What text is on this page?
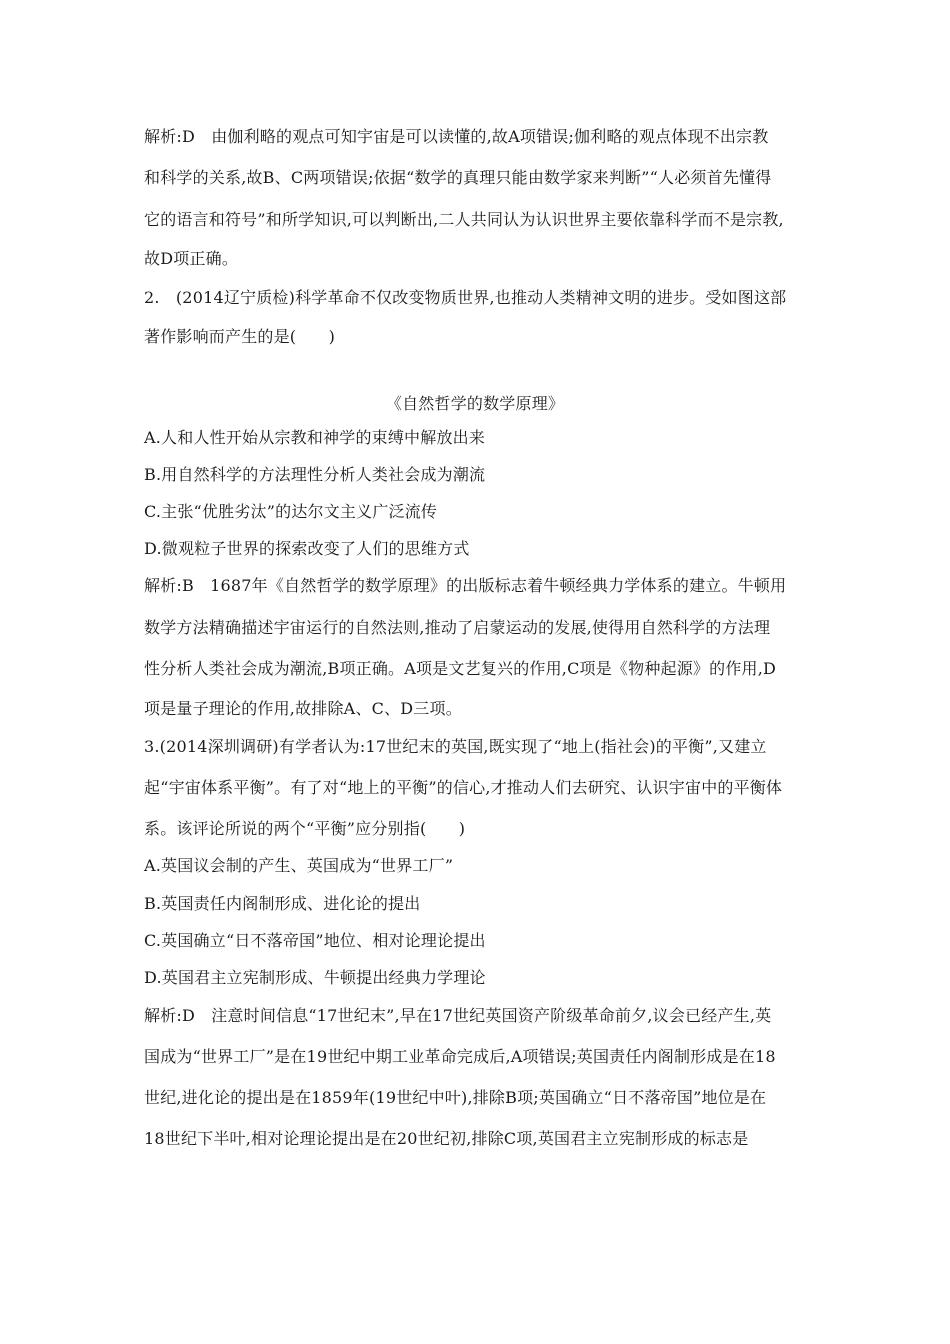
解析:D　由伽利略的观点可知宇宙是可以读懂的,故A项错误;伽利略的观点体现不出宗教
和科学的关系,故B、C两项错误;依据“数学的真理只能由数学家来判断”“人必须首先懂得
它的语言和符号”和所学知识,可以判断出,二人共同认为认识世界主要依靠科学而不是宗教,
故D项正确。
2.　(2014辽宁质检)科学革命不仅改变物质世界,也推动人类精神文明的进步。受如图这部
著作影响而产生的是(　　)
《自然哲学的数学原理》
A.人和人性开始从宗教和神学的束缚中解放出来
B.用自然科学的方法理性分析人类社会成为潮流
C.主张“优胜劣汰”的达尔文主义广泛流传
D.微观粒子世界的探索改变了人们的思维方式
解析:B　1687年《自然哲学的数学原理》的出版标志着牛顿经典力学体系的建立。牛顿用
数学方法精确描述宇宙运行的自然法则,推动了启蒙运动的发展,使得用自然科学的方法理
性分析人类社会成为潮流,B项正确。A项是文艺复兴的作用,C项是《物种起源》的作用,D
项是量子理论的作用,故排除A、C、D三项。
3.(2014深圳调研)有学者认为:17世纪末的英国,既实现了“地上(指社会)的平衡”,又建立
起“宇宙体系平衡”。有了对“地上的平衡”的信心,才推动人们去研究、认识宇宙中的平衡体
系。该评论所说的两个“平衡”应分别指(　　)
A.英国议会制的产生、英国成为“世界工厂”
B.英国责任内阁制形成、进化论的提出
C.英国确立“日不落帝国”地位、相对论理论提出
D.英国君主立宪制形成、牛顿提出经典力学理论
解析:D　注意时间信息“17世纪末”,早在17世纪英国资产阶级革命前夕,议会已经产生,英
国成为“世界工厂”是在19世纪中期工业革命完成后,A项错误;英国责任内阁制形成是在18
世纪,进化论的提出是在1859年(19世纪中叶),排除B项;英国确立“日不落帝国”地位是在
18世纪下半叶,相对论理论提出是在20世纪初,排除C项,英国君主立宪制形成的标志是
